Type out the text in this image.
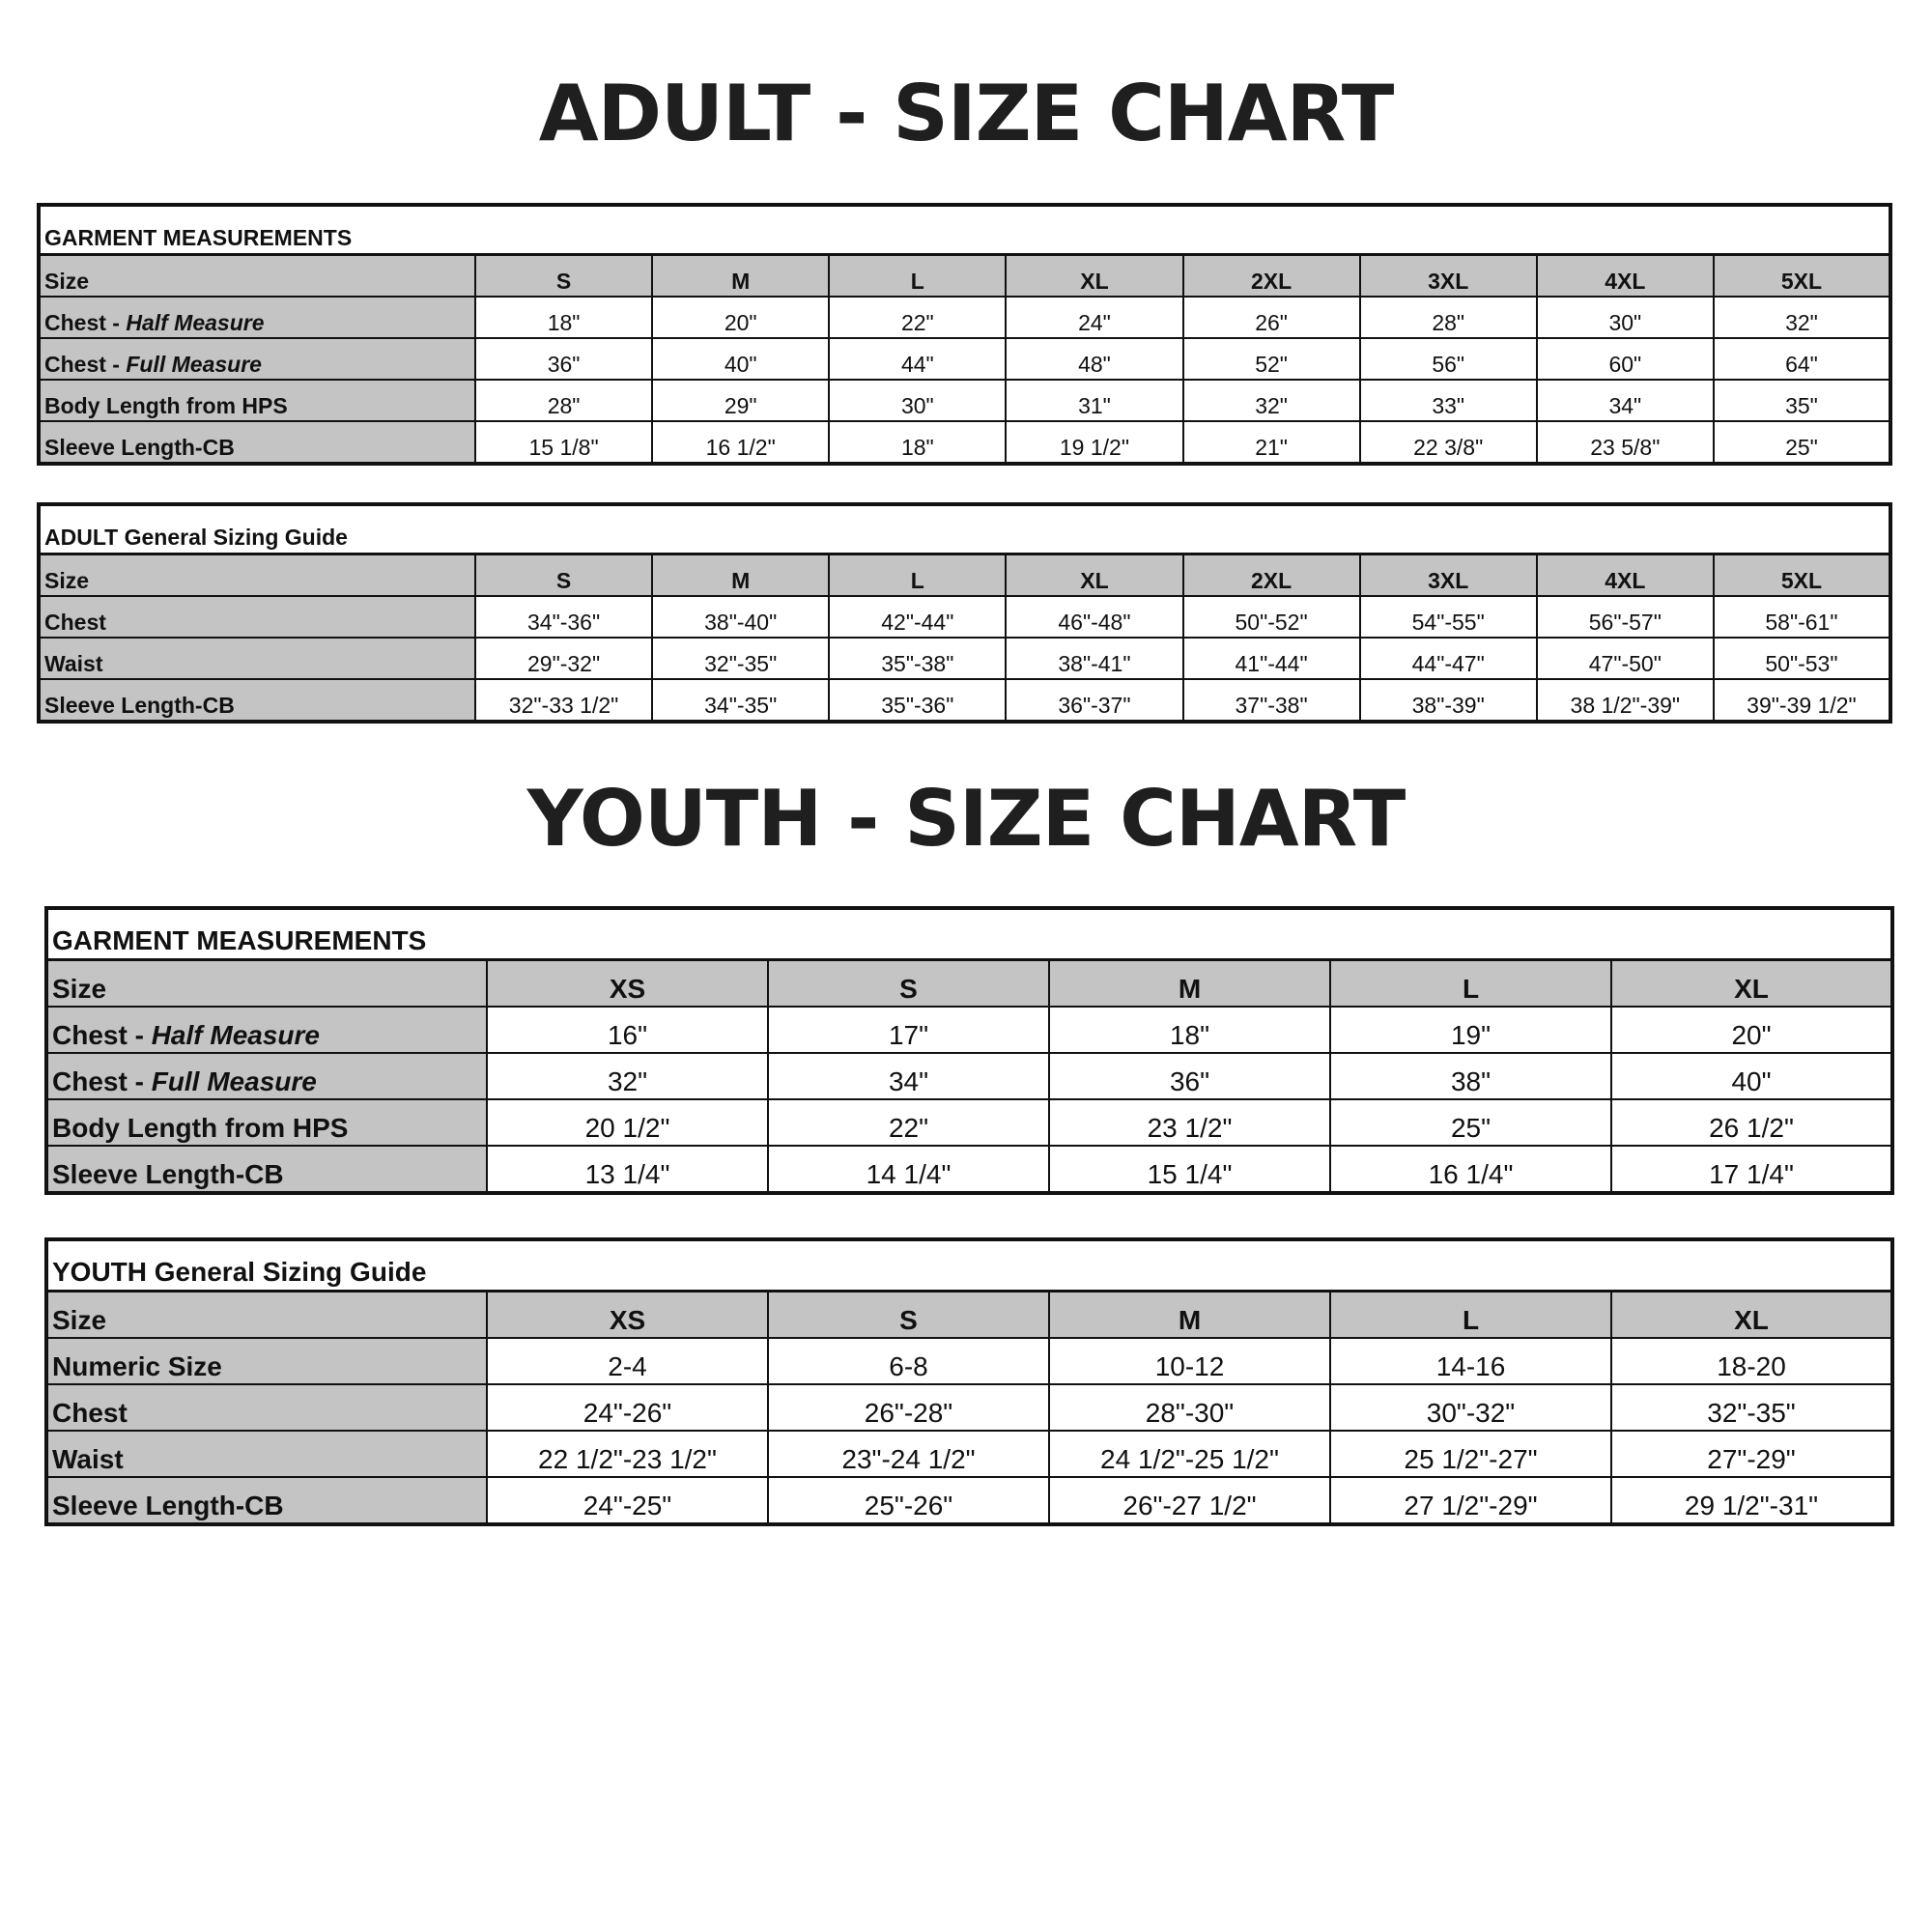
ADULT - SIZE CHART
GARMENT MEASUREMENTS								
Size	S	M	L	XL	2XL	3XL	4XL	5XL
Chest - Half Measure	18"	20"	22"	24"	26"	28"	30"	32"
Chest - Full Measure	36"	40"	44"	48"	52"	56"	60"	64"
Body Length from HPS	28"	29"	30"	31"	32"	33"	34"	35"
Sleeve Length-CB	15 1/8"	16 1/2"	18"	19 1/2"	21"	22 3/8"	23 5/8"	25"
ADULT General Sizing Guide								
Size	S	M	L	XL	2XL	3XL	4XL	5XL
Chest	34"-36"	38"-40"	42"-44"	46"-48"	50"-52"	54"-55"	56"-57"	58"-61"
Waist	29"-32"	32"-35"	35"-38"	38"-41"	41"-44"	44"-47"	47"-50"	50"-53"
Sleeve Length-CB	32"-33 1/2"	34"-35"	35"-36"	36"-37"	37"-38"	38"-39"	38 1/2"-39"	39"-39 1/2"
YOUTH - SIZE CHART
GARMENT MEASUREMENTS					
Size	XS	S	M	L	XL
Chest - Half Measure	16"	17"	18"	19"	20"
Chest - Full Measure	32"	34"	36"	38"	40"
Body Length from HPS	20 1/2"	22"	23 1/2"	25"	26 1/2"
Sleeve Length-CB	13 1/4"	14 1/4"	15 1/4"	16 1/4"	17 1/4"
YOUTH General Sizing Guide					
Size	XS	S	M	L	XL
Numeric Size	2-4	6-8	10-12	14-16	18-20
Chest	24"-26"	26"-28"	28"-30"	30"-32"	32"-35"
Waist	22 1/2"-23 1/2"	23"-24 1/2"	24 1/2"-25 1/2"	25 1/2"-27"	27"-29"
Sleeve Length-CB	24"-25"	25"-26"	26"-27 1/2"	27 1/2"-29"	29 1/2"-31"
